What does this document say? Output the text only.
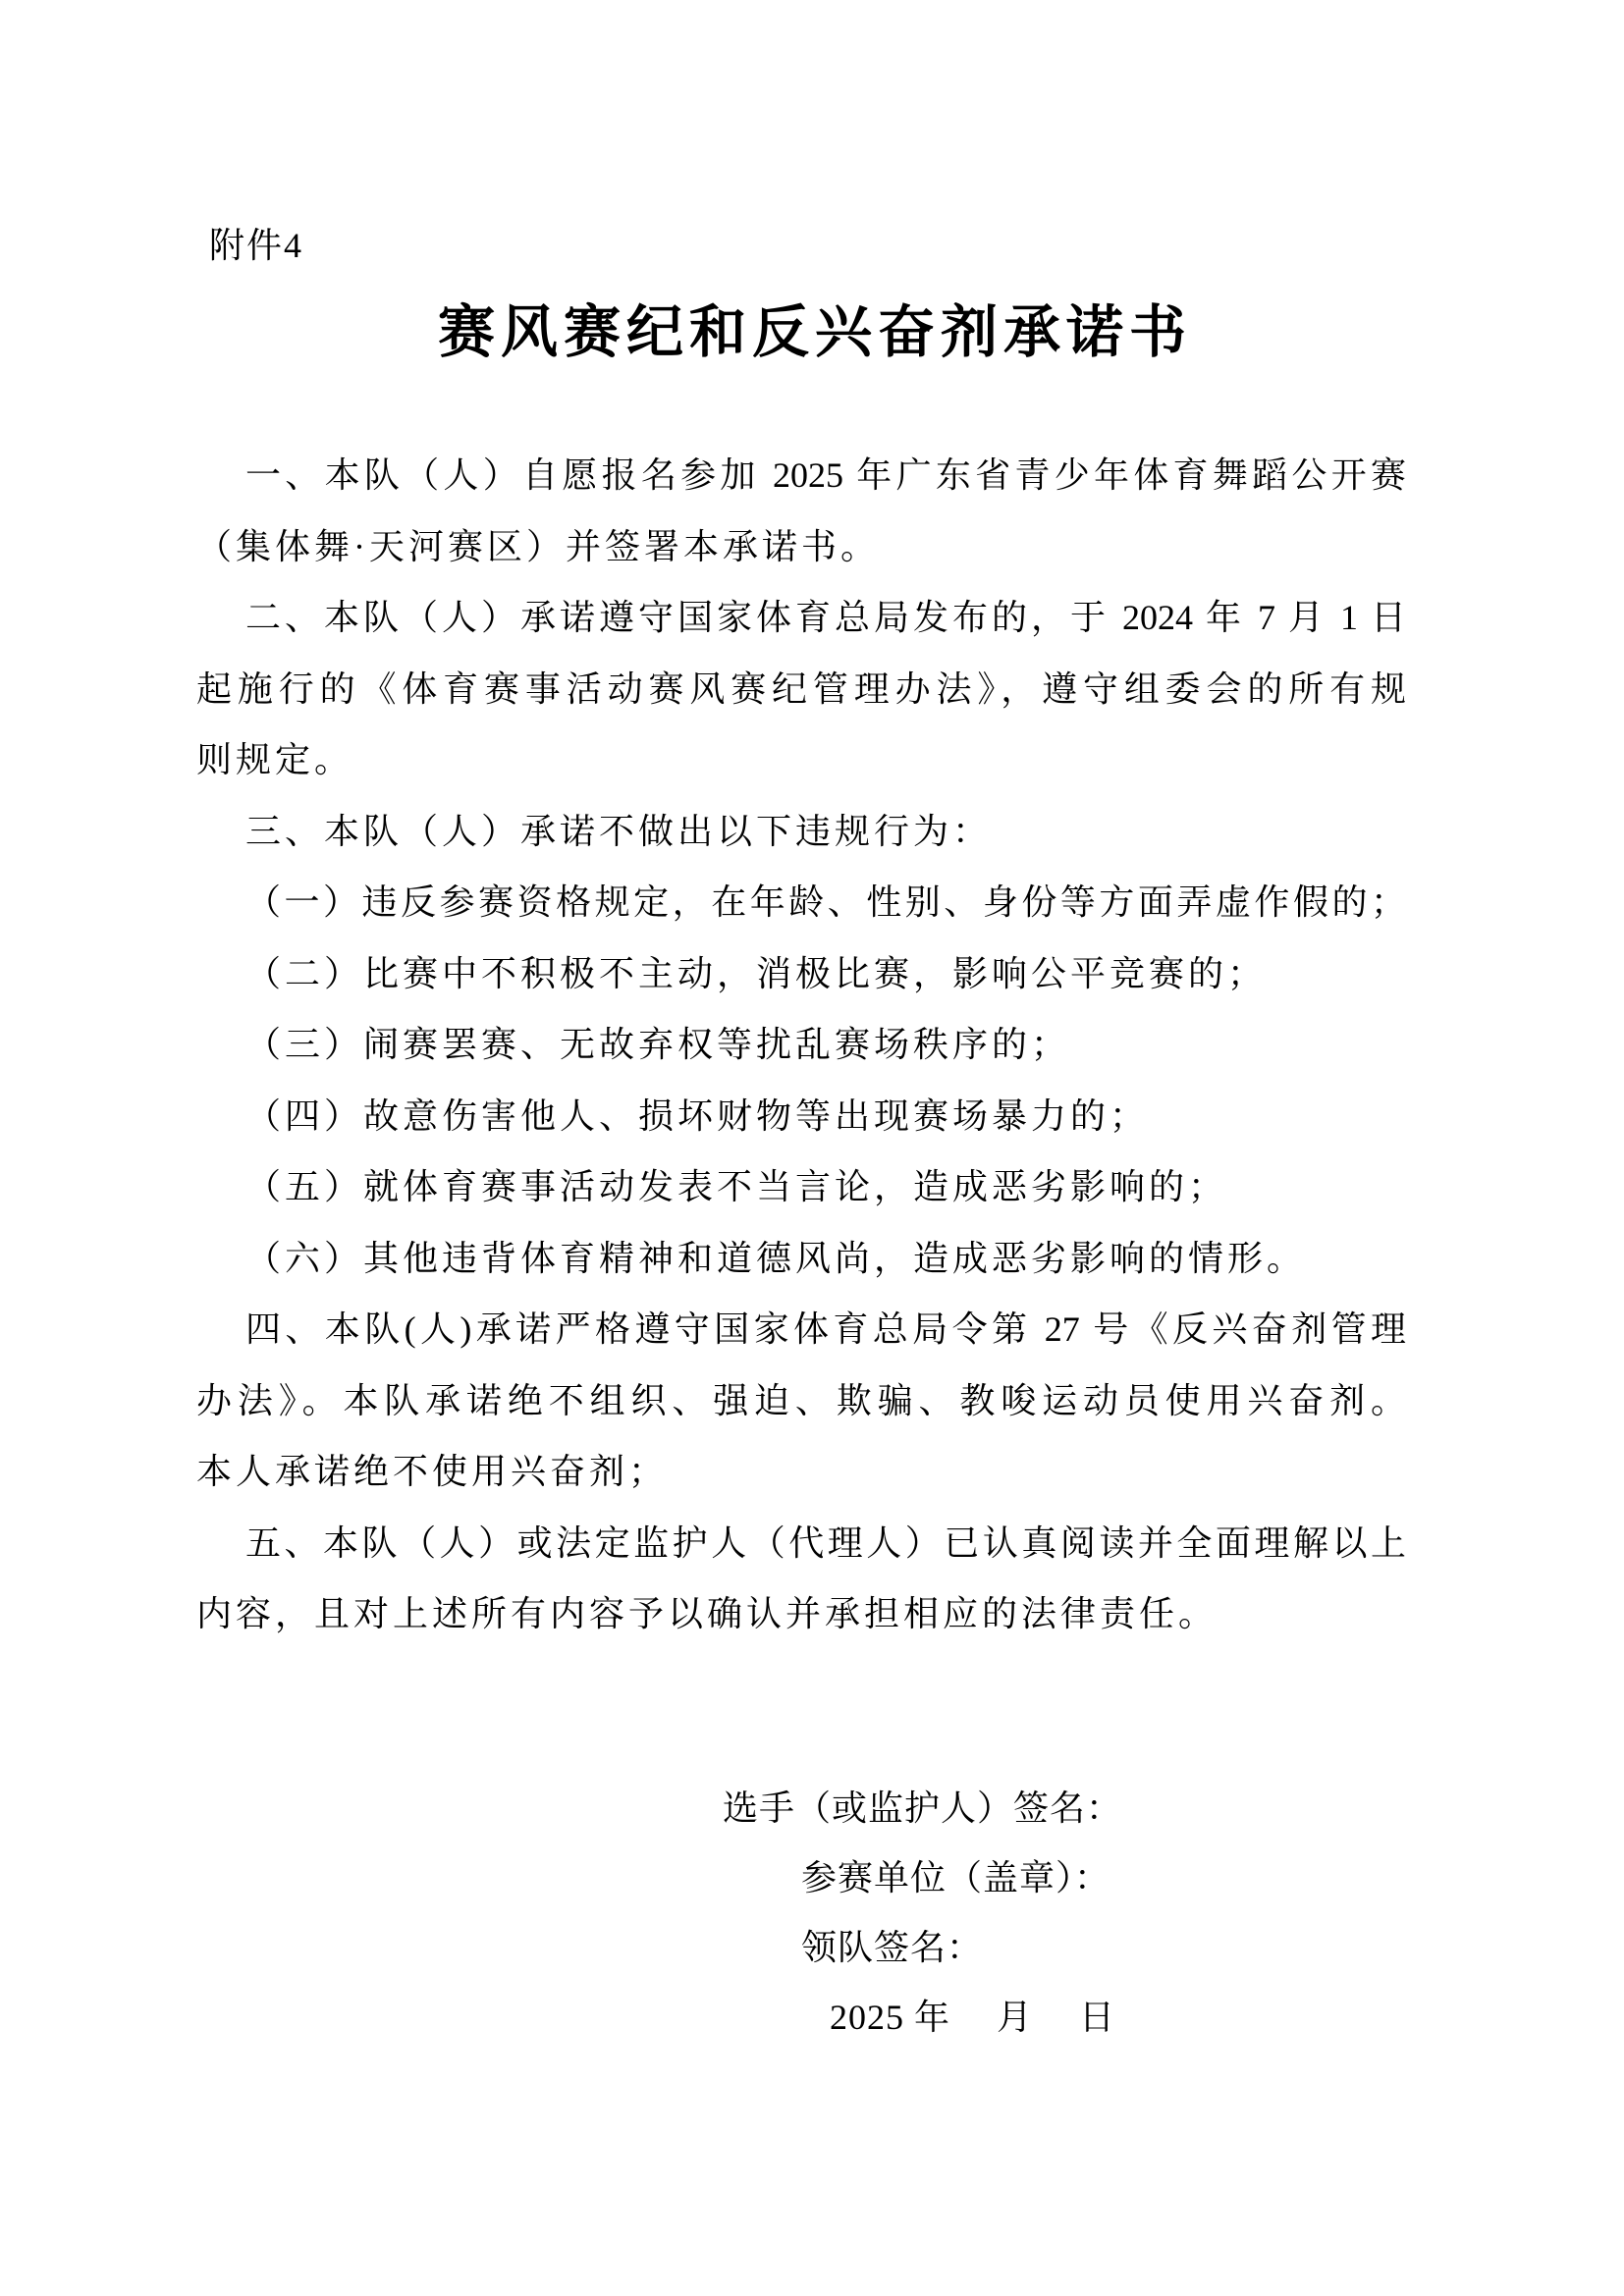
附件4
赛风赛纪和反兴奋剂承诺书
一、本队（人）自愿报名参加 2025 年广东省青少年体育舞蹈公开赛
（集体舞·天河赛区）并签署本承诺书。
二、本队（人）承诺遵守国家体育总局发布的，于 2024 年 7 月 1 日
起施行的《体育赛事活动赛风赛纪管理办法》，遵守组委会的所有规
则规定。
三、本队（人）承诺不做出以下违规行为：
（一）违反参赛资格规定，在年龄、性别、身份等方面弄虚作假的；
（二）比赛中不积极不主动，消极比赛，影响公平竞赛的；
（三）闹赛罢赛、无故弃权等扰乱赛场秩序的；
（四）故意伤害他人、损坏财物等出现赛场暴力的；
（五）就体育赛事活动发表不当言论，造成恶劣影响的；
（六）其他违背体育精神和道德风尚，造成恶劣影响的情形。
四、本队(人)承诺严格遵守国家体育总局令第 27 号《反兴奋剂管理
办法》。本队承诺绝不组织、强迫、欺骗、教唆运动员使用兴奋剂。
本人承诺绝不使用兴奋剂；
五、本队（人）或法定监护人（代理人）已认真阅读并全面理解以上
内容，且对上述所有内容予以确认并承担相应的法律责任。
选手（或监护人）签名：
参赛单位（盖章）：
领队签名：
2025 年　 月　 日
